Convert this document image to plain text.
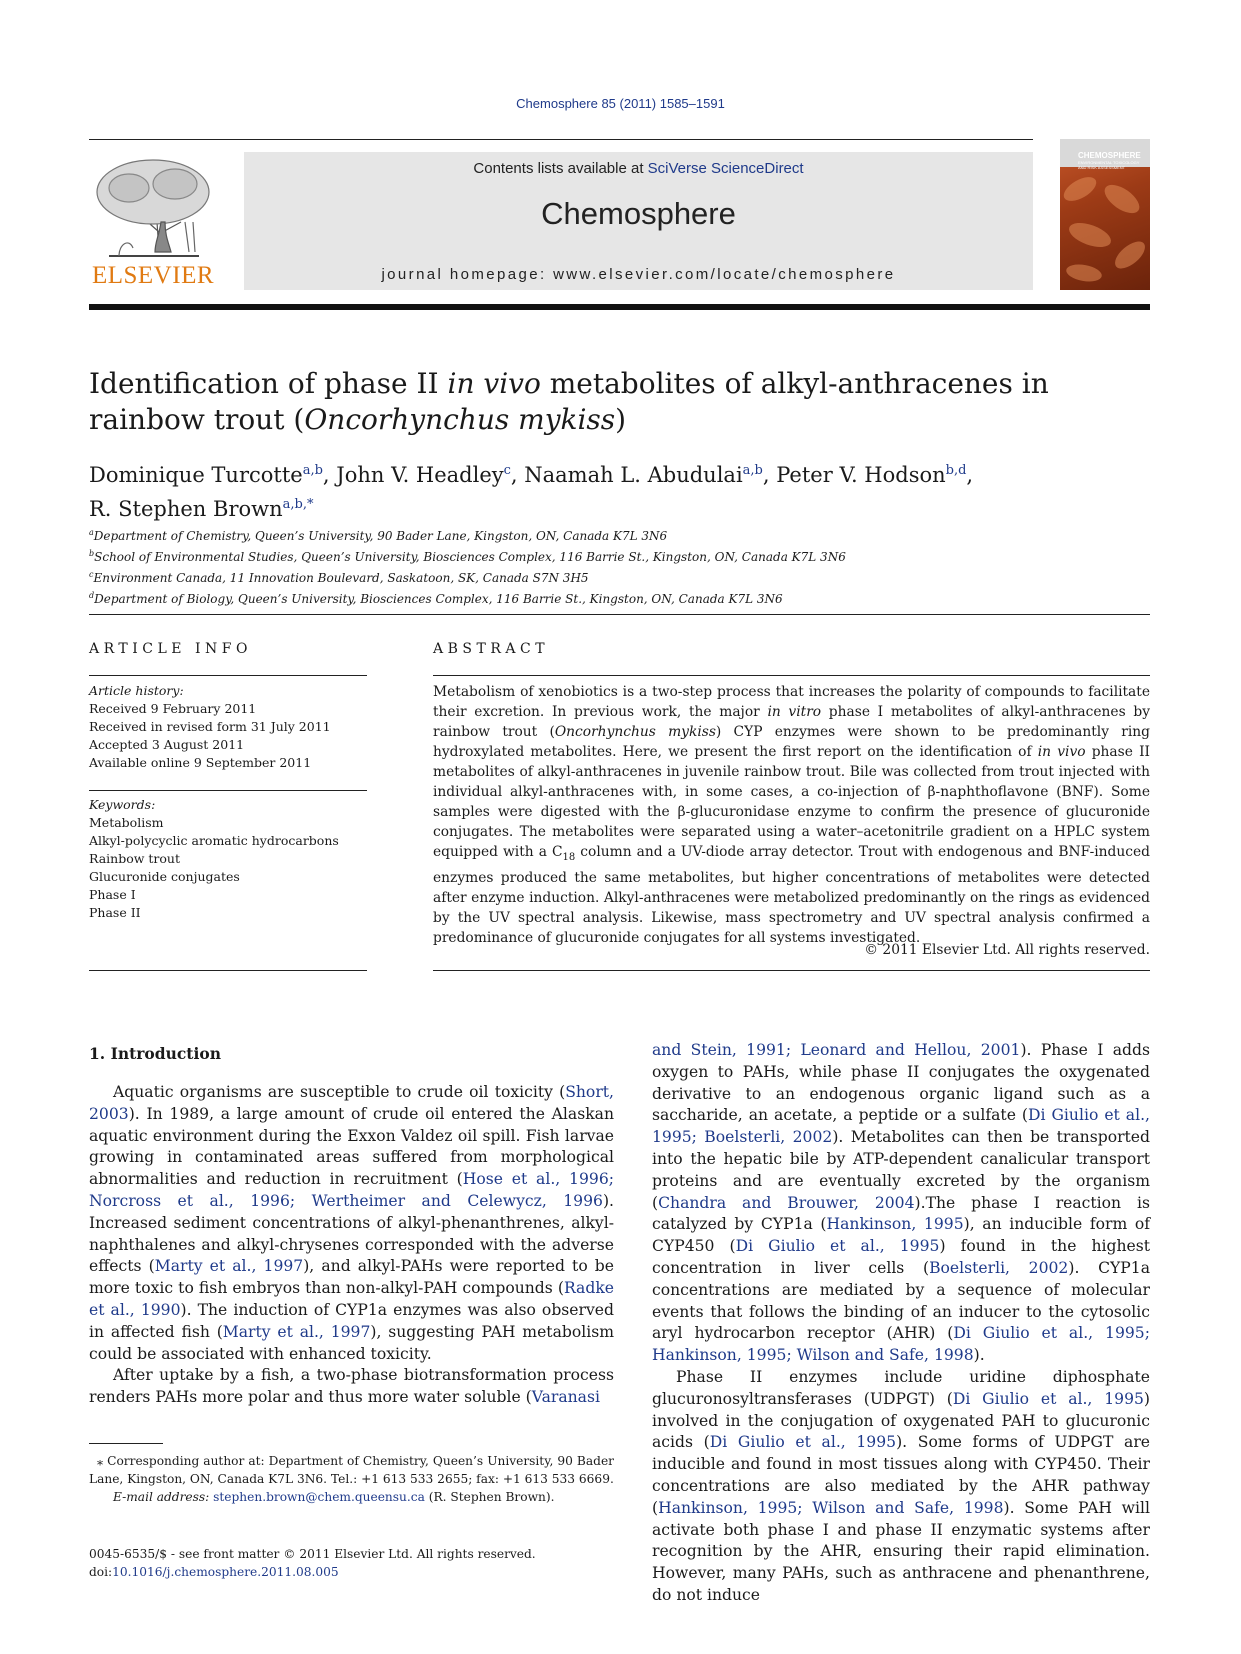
Chemosphere 85 (2011) 1585–1591
ELSEVIER
Contents lists available at SciVerse ScienceDirect
Chemosphere
journal homepage: www.elsevier.com/locate/chemosphere
CHEMOSPHERE
ENVIRONMENTAL TOXICOLOGY AND RISK ASSESSMENT
Identification of phase II in vivo metabolites of alkyl-anthracenes in rainbow trout (Oncorhynchus mykiss)
Dominique Turcotte$^{a,b}$, John V. Headley$^c$, Naamah L. Abudulai$^{a,b}$, Peter V. Hodson$^{b,d}$,
R. Stephen Brown$^{a,b,*}$
$^a$Department of Chemistry, Queen’s University, 90 Bader Lane, Kingston, ON, Canada K7L 3N6
$^b$School of Environmental Studies, Queen’s University, Biosciences Complex, 116 Barrie St., Kingston, ON, Canada K7L 3N6
$^c$Environment Canada, 11 Innovation Boulevard, Saskatoon, SK, Canada S7N 3H5
$^d$Department of Biology, Queen’s University, Biosciences Complex, 116 Barrie St., Kingston, ON, Canada K7L 3N6
ARTICLE INFO	ABSTRACT
Article history:
Received 9 February 2011
Received in revised form 31 July 2011
Accepted 3 August 2011
Available online 9 September 2011
Keywords:
Metabolism
Alkyl-polycyclic aromatic hydrocarbons
Rainbow trout
Glucuronide conjugates
Phase I
Phase II
Metabolism of xenobiotics is a two-step process that increases the polarity of compounds to facilitate their excretion. In previous work, the major in vitro phase I metabolites of alkyl-anthracenes by rainbow trout (Oncorhynchus mykiss) CYP enzymes were shown to be predominantly ring hydroxylated metabolites. Here, we present the first report on the identification of in vivo phase II metabolites of alkyl-anthracenes in juvenile rainbow trout. Bile was collected from trout injected with individual alkyl-anthracenes with, in some cases, a co-injection of β-naphthoflavone (BNF). Some samples were digested with the β-glucuronidase enzyme to confirm the presence of glucuronide conjugates. The metabolites were separated using a water–acetonitrile gradient on a HPLC system equipped with a $C_{18}$ column and a UV-diode array detector. Trout with endogenous and BNF-induced enzymes produced the same metabolites, but higher concentrations of metabolites were detected after enzyme induction. Alkyl-anthracenes were metabolized predominantly on the rings as evidenced by the UV spectral analysis. Likewise, mass spectrometry and UV spectral analysis confirmed a predominance of glucuronide conjugates for all systems investigated.
© 2011 Elsevier Ltd. All rights reserved.
1. Introduction

Aquatic organisms are susceptible to crude oil toxicity (Short, 2003). In 1989, a large amount of crude oil entered the Alaskan aquatic environment during the Exxon Valdez oil spill. Fish larvae growing in contaminated areas suffered from morphological abnormalities and reduction in recruitment (Hose et al., 1996; Norcross et al., 1996; Wertheimer and Celewycz, 1996). Increased sediment concentrations of alkyl-phenanthrenes, alkyl-naphthalenes and alkyl-chrysenes corresponded with the adverse effects (Marty et al., 1997), and alkyl-PAHs were reported to be more toxic to fish embryos than non-alkyl-PAH compounds (Radke et al., 1990). The induction of CYP1a enzymes was also observed in affected fish (Marty et al., 1997), suggesting PAH metabolism could be associated with enhanced toxicity.

After uptake by a fish, a two-phase biotransformation process renders PAHs more polar and thus more water soluble (Varanasi

and Stein, 1991; Leonard and Hellou, 2001). Phase I adds oxygen to PAHs, while phase II conjugates the oxygenated derivative to an endogenous organic ligand such as a saccharide, an acetate, a peptide or a sulfate (Di Giulio et al., 1995; Boelsterli, 2002). Metabolites can then be transported into the hepatic bile by ATP-dependent canalicular transport proteins and are eventually excreted by the organism (Chandra and Brouwer, 2004).The phase I reaction is catalyzed by CYP1a (Hankinson, 1995), an inducible form of CYP450 (Di Giulio et al., 1995) found in the highest concentration in liver cells (Boelsterli, 2002). CYP1a concentrations are mediated by a sequence of molecular events that follows the binding of an inducer to the cytosolic aryl hydrocarbon receptor (AHR) (Di Giulio et al., 1995; Hankinson, 1995; Wilson and Safe, 1998).

Phase II enzymes include uridine diphosphate glucuronosyltransferases (UDPGT) (Di Giulio et al., 1995) involved in the conjugation of oxygenated PAH to glucuronic acids (Di Giulio et al., 1995). Some forms of UDPGT are inducible and found in most tissues along with CYP450. Their concentrations are also mediated by the AHR pathway (Hankinson, 1995; Wilson and Safe, 1998). Some PAH will activate both phase I and phase II enzymatic systems after recognition by the AHR, ensuring their rapid elimination. However, many PAHs, such as anthracene and phenanthrene, do not induce

⁎ Corresponding author at: Department of Chemistry, Queen’s University, 90 Bader Lane, Kingston, ON, Canada K7L 3N6. Tel.: +1 613 533 2655; fax: +1 613 533 6669.
E-mail address: stephen.brown@chem.queensu.ca (R. Stephen Brown).
0045-6535/$ - see front matter © 2011 Elsevier Ltd. All rights reserved.
doi:10.1016/j.chemosphere.2011.08.005
